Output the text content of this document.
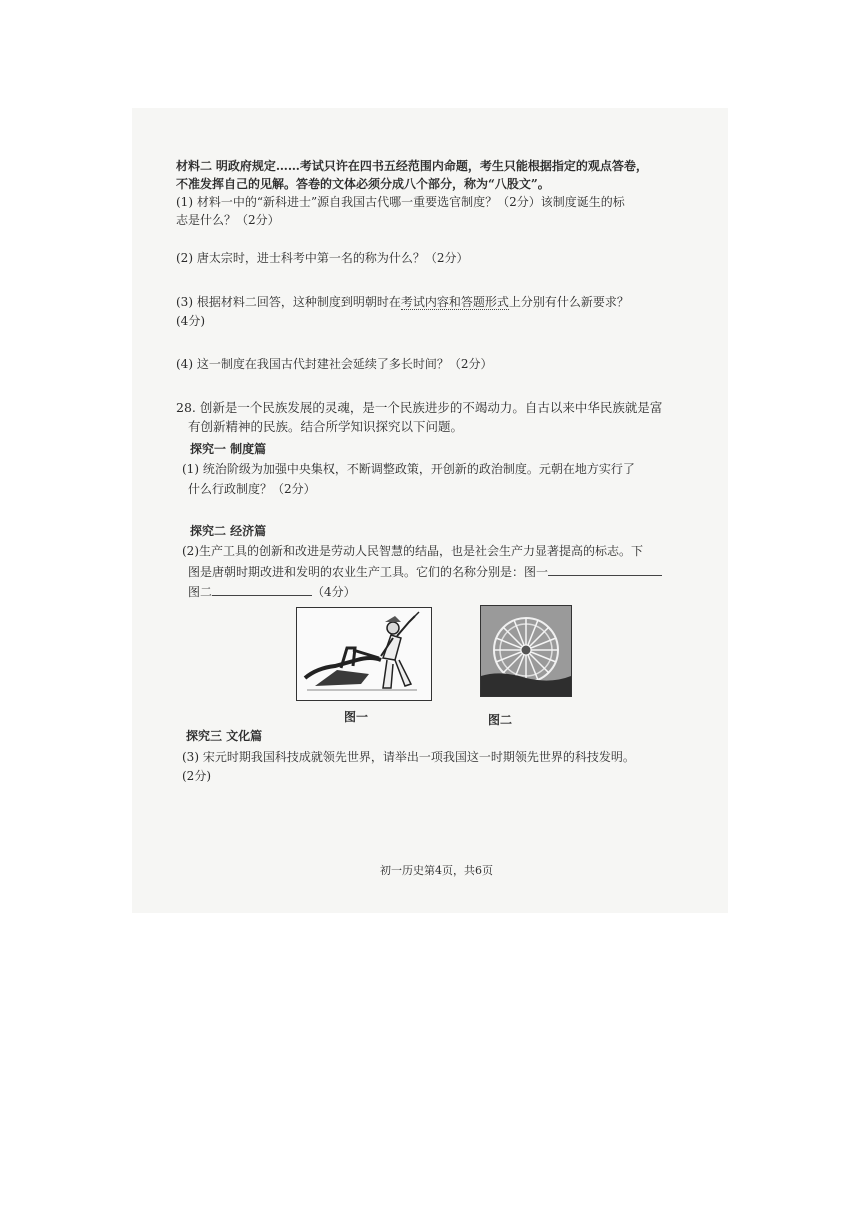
材料二 明政府规定……考试只许在四书五经范围内命题，考生只能根据指定的观点答卷，
不准发挥自己的见解。答卷的文体必须分成八个部分，称为“八股文”。
(1) 材料一中的“新科进士”源自我国古代哪一重要选官制度？（2分）该制度诞生的标
志是什么？（2分）
(2) 唐太宗时，进士科考中第一名的称为什么？（2分）
(3) 根据材料二回答，这种制度到明朝时在考试内容和答题形式上分别有什么新要求？
(4分)
(4) 这一制度在我国古代封建社会延续了多长时间？（2分）
28. 创新是一个民族发展的灵魂，是一个民族进步的不竭动力。自古以来中华民族就是富
有创新精神的民族。结合所学知识探究以下问题。
探究一 制度篇
(1) 统治阶级为加强中央集权，不断调整政策，开创新的政治制度。元朝在地方实行了
什么行政制度？（2分）
探究二 经济篇
(2)生产工具的创新和改进是劳动人民智慧的结晶，也是社会生产力显著提高的标志。下
图是唐朝时期改进和发明的农业生产工具。它们的名称分别是：图一
图二	（4分）
图一	图二
探究三 文化篇
(3) 宋元时期我国科技成就领先世界，请举出一项我国这一时期领先世界的科技发明。
(2分)
初一历史第4页，共6页
